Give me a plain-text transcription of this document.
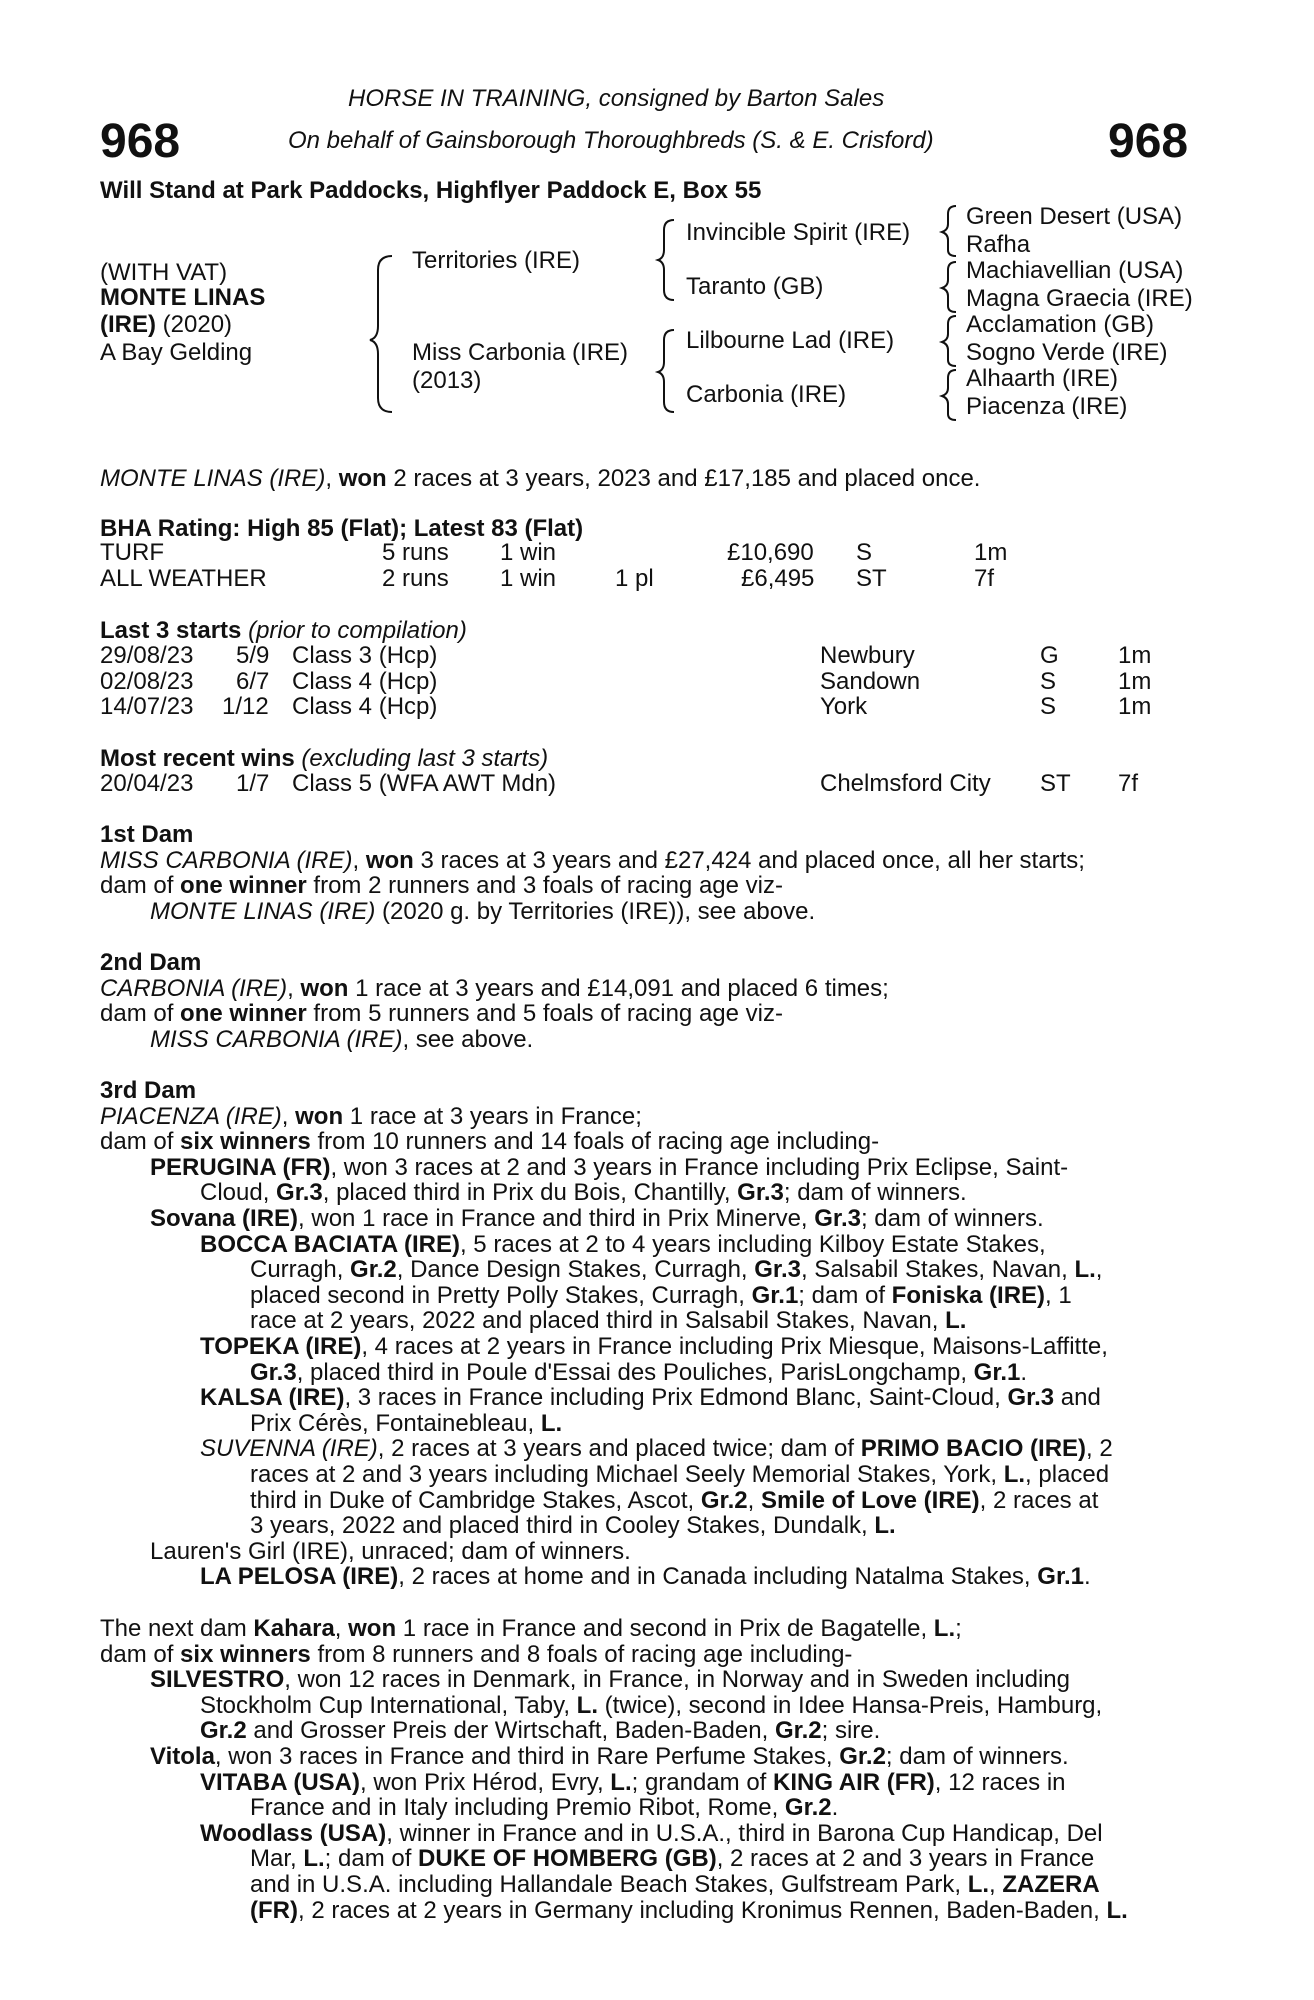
968	968
HORSE IN TRAINING, consigned by Barton Sales
On behalf of Gainsborough Thoroughbreds (S. & E. Crisford)
Will Stand at Park Paddocks, Highflyer Paddock E, Box 55
(WITH VAT)
MONTE LINAS
(IRE) (2020)
A Bay Gelding
Territories (IRE)
Miss Carbonia (IRE)
(2013)
Invincible Spirit (IRE)
Taranto (GB)
Lilbourne Lad (IRE)
Carbonia (IRE)
Green Desert (USA)
Rafha
Machiavellian (USA)
Magna Graecia (IRE)
Acclamation (GB)
Sogno Verde (IRE)
Alhaarth (IRE)
Piacenza (IRE)
MONTE LINAS (IRE), won 2 races at 3 years, 2023 and £17,185 and placed once.
BHA Rating: High 85 (Flat); Latest 83 (Flat)
TURF	5 runs 1 win	£10,690 S	1m
ALL WEATHER	2 runs 1 win 1 pl	£6,495 ST	7f
Last 3 starts (prior to compilation)
29/08/23 5/9 Class 3 (Hcp)	Newbury	G 1m
02/08/23 6/7 Class 4 (Hcp)	Sandown	S	1m
14/07/23 1/12 Class 4 (Hcp)	York	S	1m
Most recent wins (excluding last 3 starts)
20/04/23 1/7 Class 5 (WFA AWT Mdn)	Chelmsford City ST 7f
1st Dam
MISS CARBONIA (IRE), won 3 races at 3 years and £27,424 and placed once, all her starts;
dam of one winner from 2 runners and 3 foals of racing age viz-
MONTE LINAS (IRE) (2020 g. by Territories (IRE)), see above.
2nd Dam
CARBONIA (IRE), won 1 race at 3 years and £14,091 and placed 6 times;
dam of one winner from 5 runners and 5 foals of racing age viz-
MISS CARBONIA (IRE), see above.
3rd Dam
PIACENZA (IRE), won 1 race at 3 years in France;
dam of six winners from 10 runners and 14 foals of racing age including-
PERUGINA (FR), won 3 races at 2 and 3 years in France including Prix Eclipse, Saint-
Cloud, Gr.3, placed third in Prix du Bois, Chantilly, Gr.3; dam of winners.
Sovana (IRE), won 1 race in France and third in Prix Minerve, Gr.3; dam of winners.
BOCCA BACIATA (IRE), 5 races at 2 to 4 years including Kilboy Estate Stakes,
Curragh, Gr.2, Dance Design Stakes, Curragh, Gr.3, Salsabil Stakes, Navan, L.,
placed second in Pretty Polly Stakes, Curragh, Gr.1; dam of Foniska (IRE), 1
race at 2 years, 2022 and placed third in Salsabil Stakes, Navan, L.
TOPEKA (IRE), 4 races at 2 years in France including Prix Miesque, Maisons-Laffitte,
Gr.3, placed third in Poule d'Essai des Pouliches, ParisLongchamp, Gr.1.
KALSA (IRE), 3 races in France including Prix Edmond Blanc, Saint-Cloud, Gr.3 and
Prix Cérès, Fontainebleau, L.
SUVENNA (IRE), 2 races at 3 years and placed twice; dam of PRIMO BACIO (IRE), 2
races at 2 and 3 years including Michael Seely Memorial Stakes, York, L., placed
third in Duke of Cambridge Stakes, Ascot, Gr.2, Smile of Love (IRE), 2 races at
3 years, 2022 and placed third in Cooley Stakes, Dundalk, L.
Lauren's Girl (IRE), unraced; dam of winners.
LA PELOSA (IRE), 2 races at home and in Canada including Natalma Stakes, Gr.1.
The next dam Kahara, won 1 race in France and second in Prix de Bagatelle, L.;
dam of six winners from 8 runners and 8 foals of racing age including-
SILVESTRO, won 12 races in Denmark, in France, in Norway and in Sweden including
Stockholm Cup International, Taby, L. (twice), second in Idee Hansa-Preis, Hamburg,
Gr.2 and Grosser Preis der Wirtschaft, Baden-Baden, Gr.2; sire.
Vitola, won 3 races in France and third in Rare Perfume Stakes, Gr.2; dam of winners.
VITABA (USA), won Prix Hérod, Evry, L.; grandam of KING AIR (FR), 12 races in
France and in Italy including Premio Ribot, Rome, Gr.2.
Woodlass (USA), winner in France and in U.S.A., third in Barona Cup Handicap, Del
Mar, L.; dam of DUKE OF HOMBERG (GB), 2 races at 2 and 3 years in France
and in U.S.A. including Hallandale Beach Stakes, Gulfstream Park, L., ZAZERA
(FR), 2 races at 2 years in Germany including Kronimus Rennen, Baden-Baden, L.
